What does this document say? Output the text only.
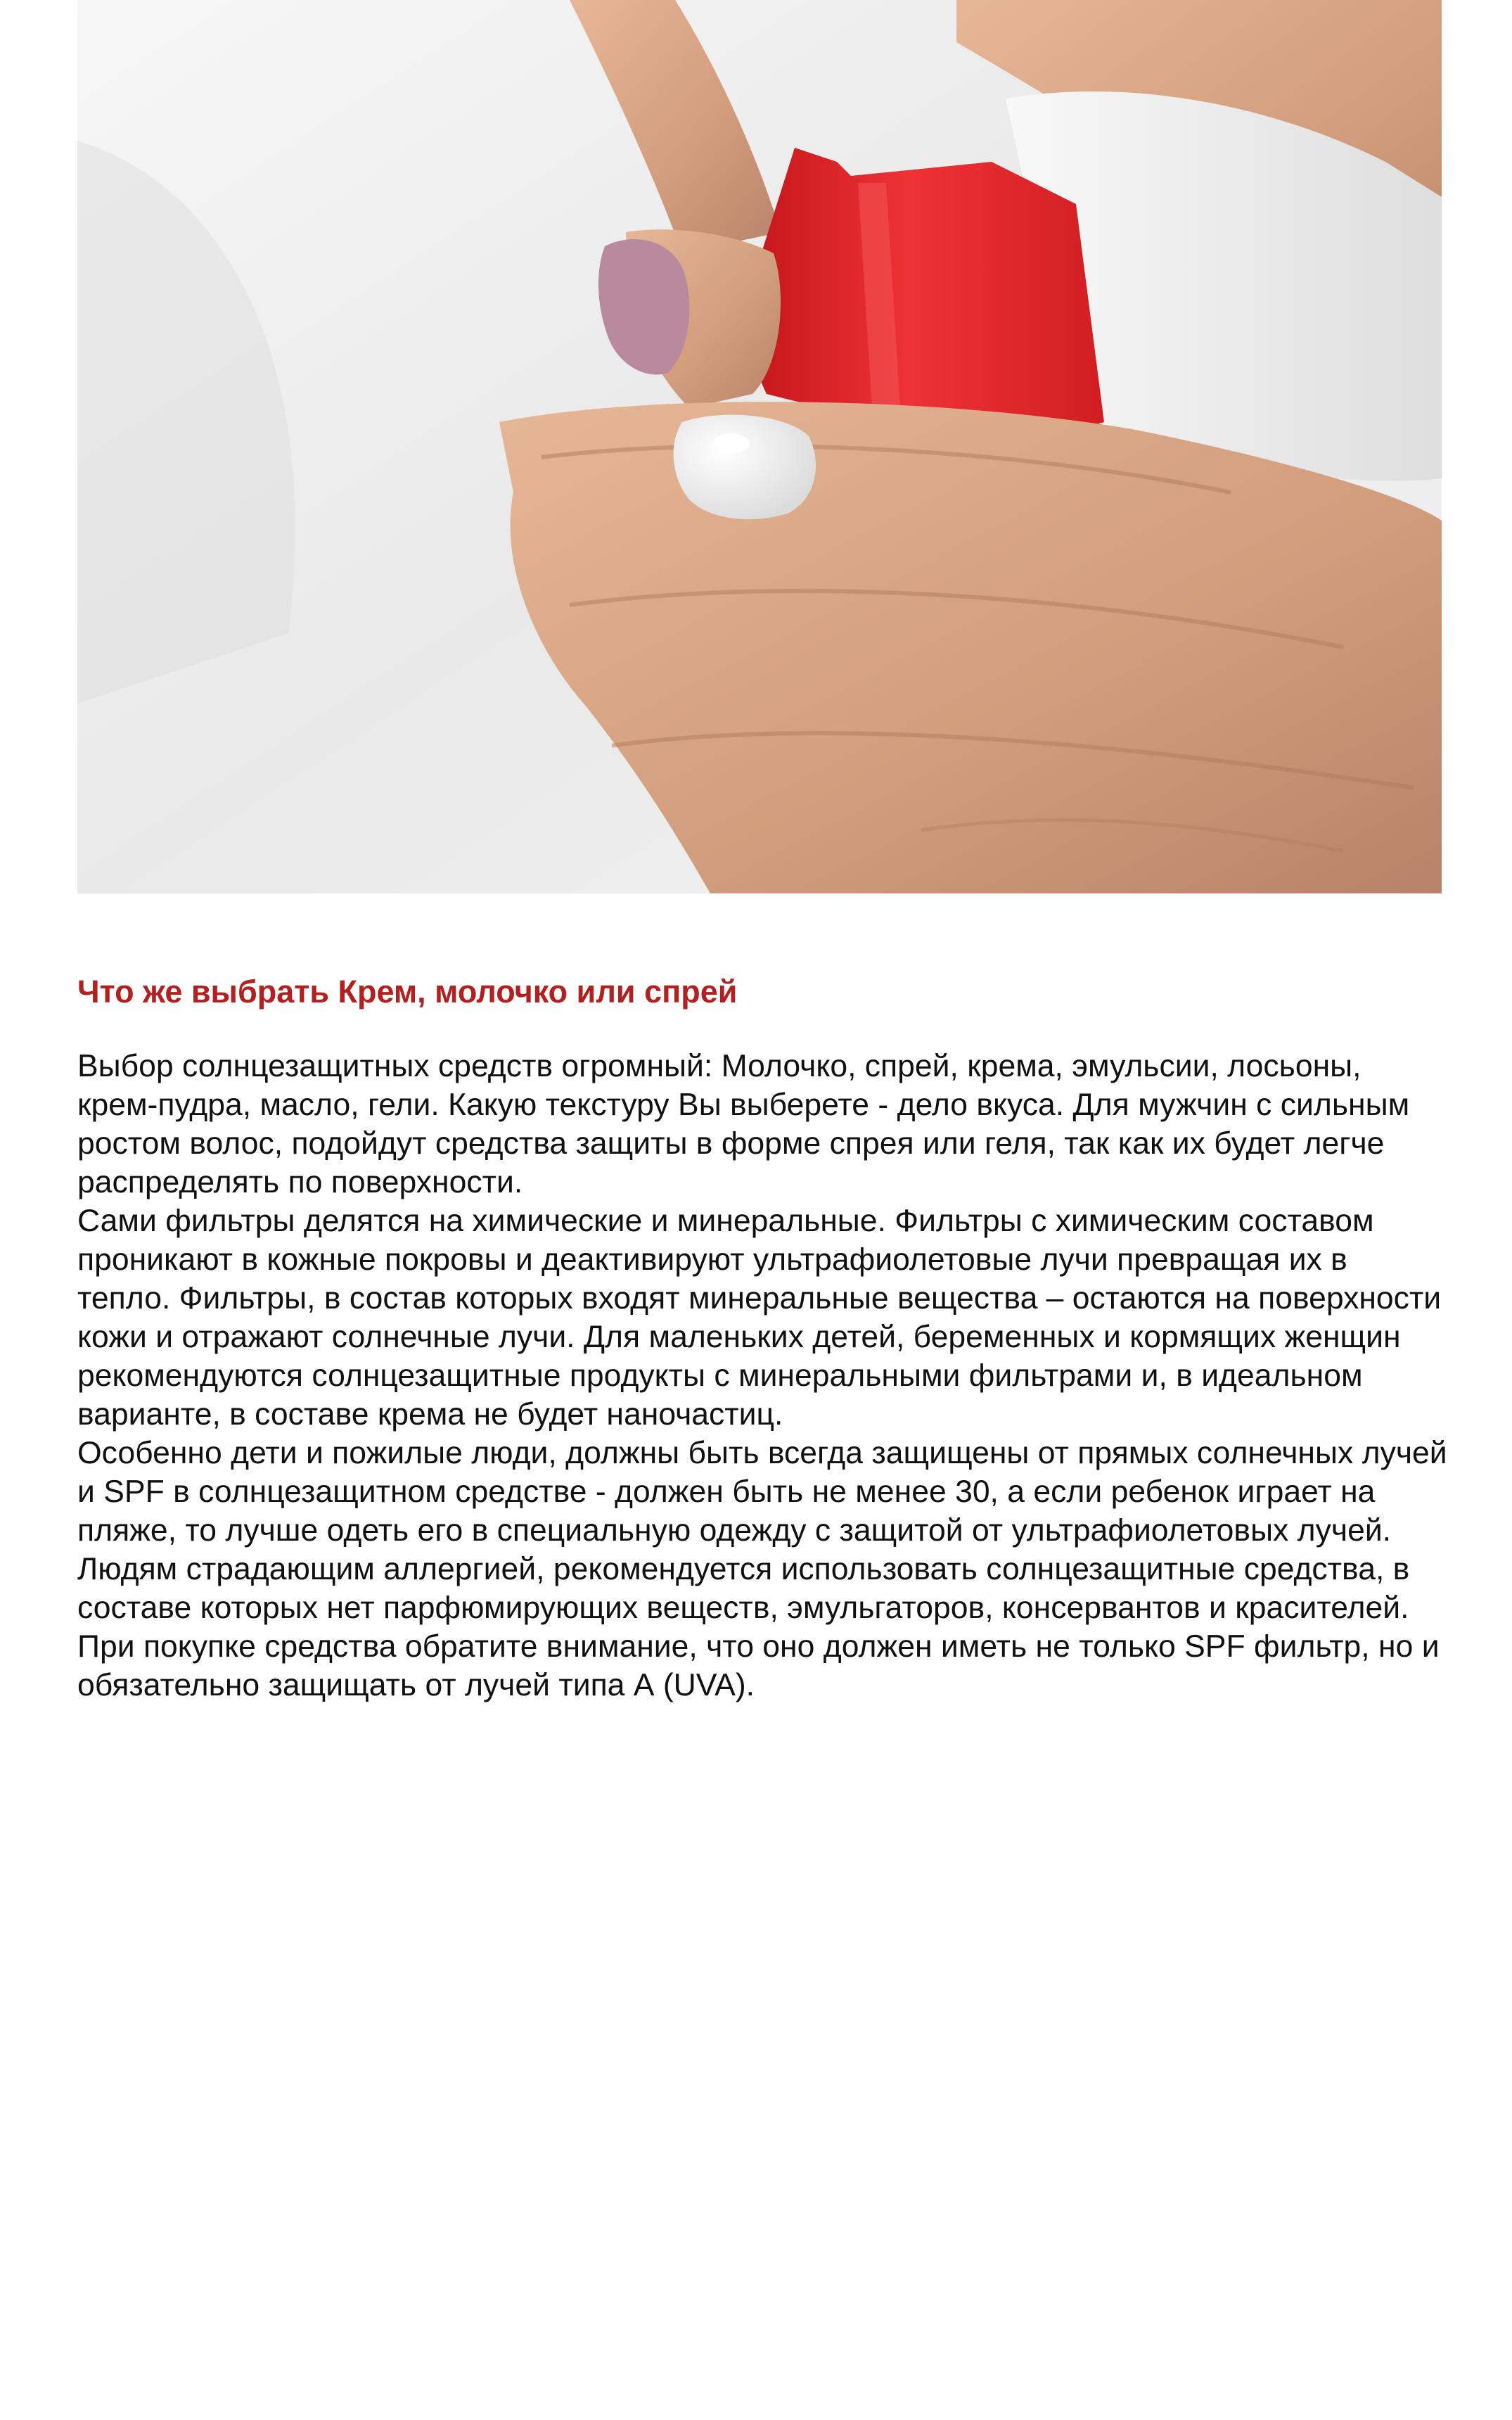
Что же выбрать Крем, молочко или спрей

Выбор солнцезащитных средств огромный: Молочко, спрей, крема, эмульсии, лосьоны, крем-пудра, масло, гели. Какую текстуру Вы выберете - дело вкуса. Для мужчин с сильным ростом волос, подойдут средства защиты в форме спрея или геля, так как их будет легче распределять по поверхности.

Сами фильтры делятся на химические и минеральные. Фильтры с химическим составом проникают в кожные покровы и деактивируют ультрафиолетовые лучи превращая их в тепло. Фильтры, в состав которых входят минеральные вещества – остаются на поверхности кожи и отражают солнечные лучи. Для маленьких детей, беременных и кормящих женщин рекомендуются солнцезащитные продукты с минеральными фильтрами и, в идеальном варианте, в составе крема не будет наночастиц.

Особенно дети и пожилые люди, должны быть всегда защищены от прямых солнечных лучей и SPF в солнцезащитном средстве - должен быть не менее 30, а если ребенок играет на пляже, то лучше одеть его в специальную одежду с защитой от ультрафиолетовых лучей.

Людям страдающим аллергией, рекомендуется использовать солнцезащитные средства, в составе которых нет парфюмирующих веществ, эмульгаторов, консервантов и красителей.

При покупке средства обратите внимание, что оно должен иметь не только SPF фильтр, но и обязательно защищать от лучей типа А (UVA).
